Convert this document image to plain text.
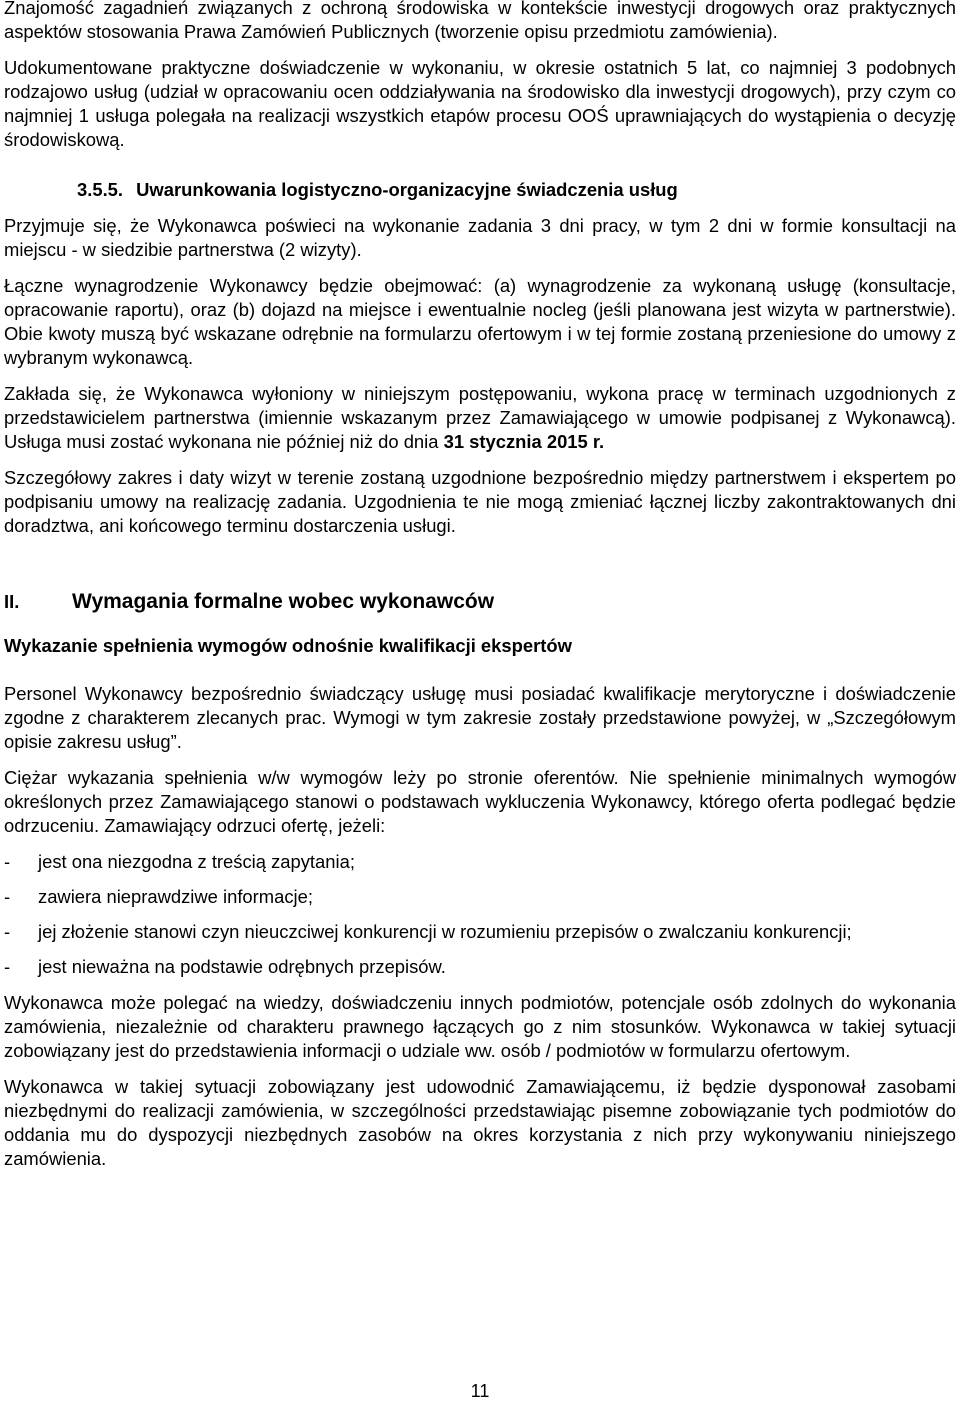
Znajomość zagadnień związanych z ochroną środowiska w kontekście inwestycji drogowych oraz praktycznych aspektów stosowania Prawa Zamówień Publicznych (tworzenie opisu przedmiotu zamówienia).

Udokumentowane praktyczne doświadczenie w wykonaniu, w okresie ostatnich 5 lat, co najmniej 3 podobnych rodzajowo usług (udział w opracowaniu ocen oddziaływania na środowisko dla inwestycji drogowych), przy czym co najmniej 1 usługa polegała na realizacji wszystkich etapów procesu OOŚ uprawniających do wystąpienia o decyzję środowiskową.

3.5.5. Uwarunkowania logistyczno-organizacyjne świadczenia usług

Przyjmuje się, że Wykonawca poświeci na wykonanie zadania 3 dni pracy, w tym 2 dni w formie konsultacji na miejscu ‑ w siedzibie partnerstwa (2 wizyty).

Łączne wynagrodzenie Wykonawcy będzie obejmować: (a) wynagrodzenie za wykonaną usługę (konsultacje, opracowanie raportu), oraz (b) dojazd na miejsce i ewentualnie nocleg (jeśli planowana jest wizyta w partnerstwie). Obie kwoty muszą być wskazane odrębnie na formularzu ofertowym i w tej formie zostaną przeniesione do umowy z wybranym wykonawcą.

Zakłada się, że Wykonawca wyłoniony w niniejszym postępowaniu, wykona pracę w terminach uzgodnionych z przedstawicielem partnerstwa (imiennie wskazanym przez Zamawiającego w umowie podpisanej z Wykonawcą). Usługa musi zostać wykonana nie później niż do dnia 31 stycznia 2015 r.

Szczegółowy zakres i daty wizyt w terenie zostaną uzgodnione bezpośrednio między partnerstwem i ekspertem po podpisaniu umowy na realizację zadania. Uzgodnienia te nie mogą zmieniać łącznej liczby zakontraktowanych dni doradztwa, ani końcowego terminu dostarczenia usługi.

II.	Wymagania formalne wobec wykonawców
Wykazanie spełnienia wymogów odnośnie kwalifikacji ekspertów

Personel Wykonawcy bezpośrednio świadczący usługę musi posiadać kwalifikacje merytoryczne i doświadczenie zgodne z charakterem zlecanych prac. Wymogi w tym zakresie zostały przedstawione powyżej, w „Szczegółowym opisie zakresu usług”.

Ciężar wykazania spełnienia w/w wymogów leży po stronie oferentów. Nie spełnienie minimalnych wymogów określonych przez Zamawiającego stanowi o podstawach wykluczenia Wykonawcy, którego oferta podlegać będzie odrzuceniu. Zamawiający odrzuci ofertę, jeżeli:

- jest ona niezgodna z treścią zapytania;
- zawiera nieprawdziwe informacje;
- jej złożenie stanowi czyn nieuczciwej konkurencji w rozumieniu przepisów o zwalczaniu konkurencji;
- jest nieważna na podstawie odrębnych przepisów.

Wykonawca może polegać na wiedzy, doświadczeniu innych podmiotów, potencjale osób zdolnych do wykonania zamówienia, niezależnie od charakteru prawnego łączących go z nim stosunków. Wykonawca w takiej sytuacji zobowiązany jest do przedstawienia informacji o udziale ww. osób / podmiotów w formularzu ofertowym.

Wykonawca w takiej sytuacji zobowiązany jest udowodnić Zamawiającemu, iż będzie dysponował zasobami niezbędnymi do realizacji zamówienia, w szczególności przedstawiając pisemne zobowiązanie tych podmiotów do oddania mu do dyspozycji niezbędnych zasobów na okres korzystania z nich przy wykonywaniu niniejszego zamówienia.

11
